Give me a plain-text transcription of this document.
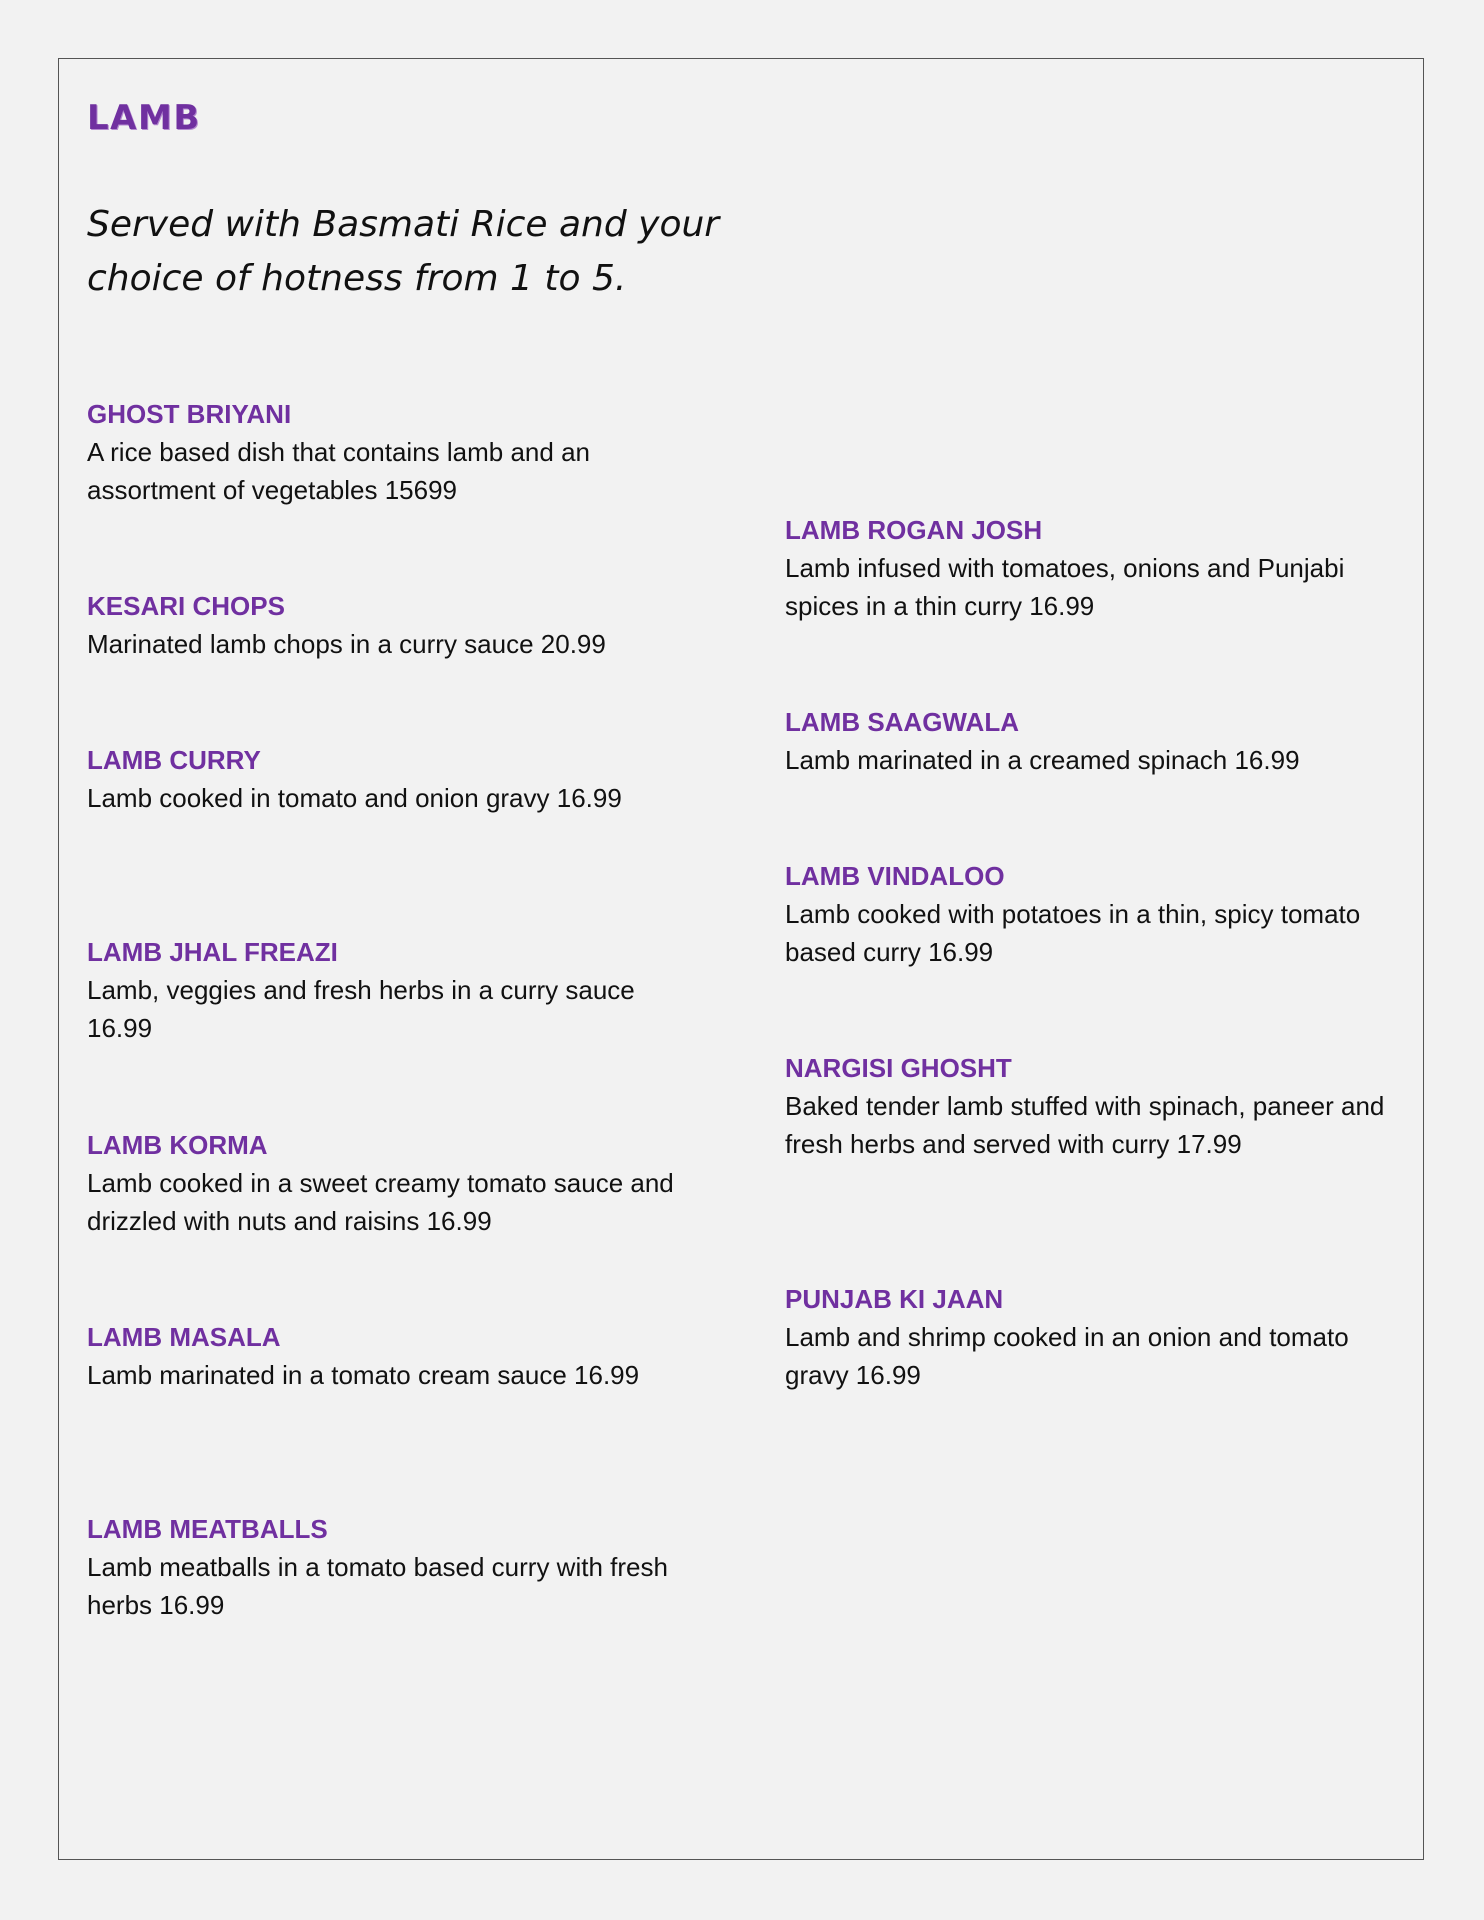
LAMB

Served with Basmati Rice and your choice of hotness from 1 to 5.

GHOST BRIYANI
A rice based dish that contains lamb and an assortment of vegetables 15699
KESARI CHOPS
Marinated lamb chops in a curry sauce 20.99
LAMB CURRY
Lamb cooked in tomato and onion gravy 16.99
LAMB JHAL FREAZI
Lamb, veggies and fresh herbs in a curry sauce 16.99
LAMB KORMA
Lamb cooked in a sweet creamy tomato sauce and drizzled with nuts and raisins 16.99
LAMB MASALA
Lamb marinated in a tomato cream sauce 16.99
LAMB MEATBALLS
Lamb meatballs in a tomato based curry with fresh herbs 16.99
LAMB ROGAN JOSH
Lamb infused with tomatoes, onions and Punjabi spices in a thin curry 16.99
LAMB SAAGWALA
Lamb marinated in a creamed spinach 16.99
LAMB VINDALOO
Lamb cooked with potatoes in a thin, spicy tomato based curry 16.99
NARGISI GHOSHT
Baked tender lamb stuffed with spinach, paneer and fresh herbs and served with curry 17.99
PUNJAB KI JAAN
Lamb and shrimp cooked in an onion and tomato gravy 16.99
